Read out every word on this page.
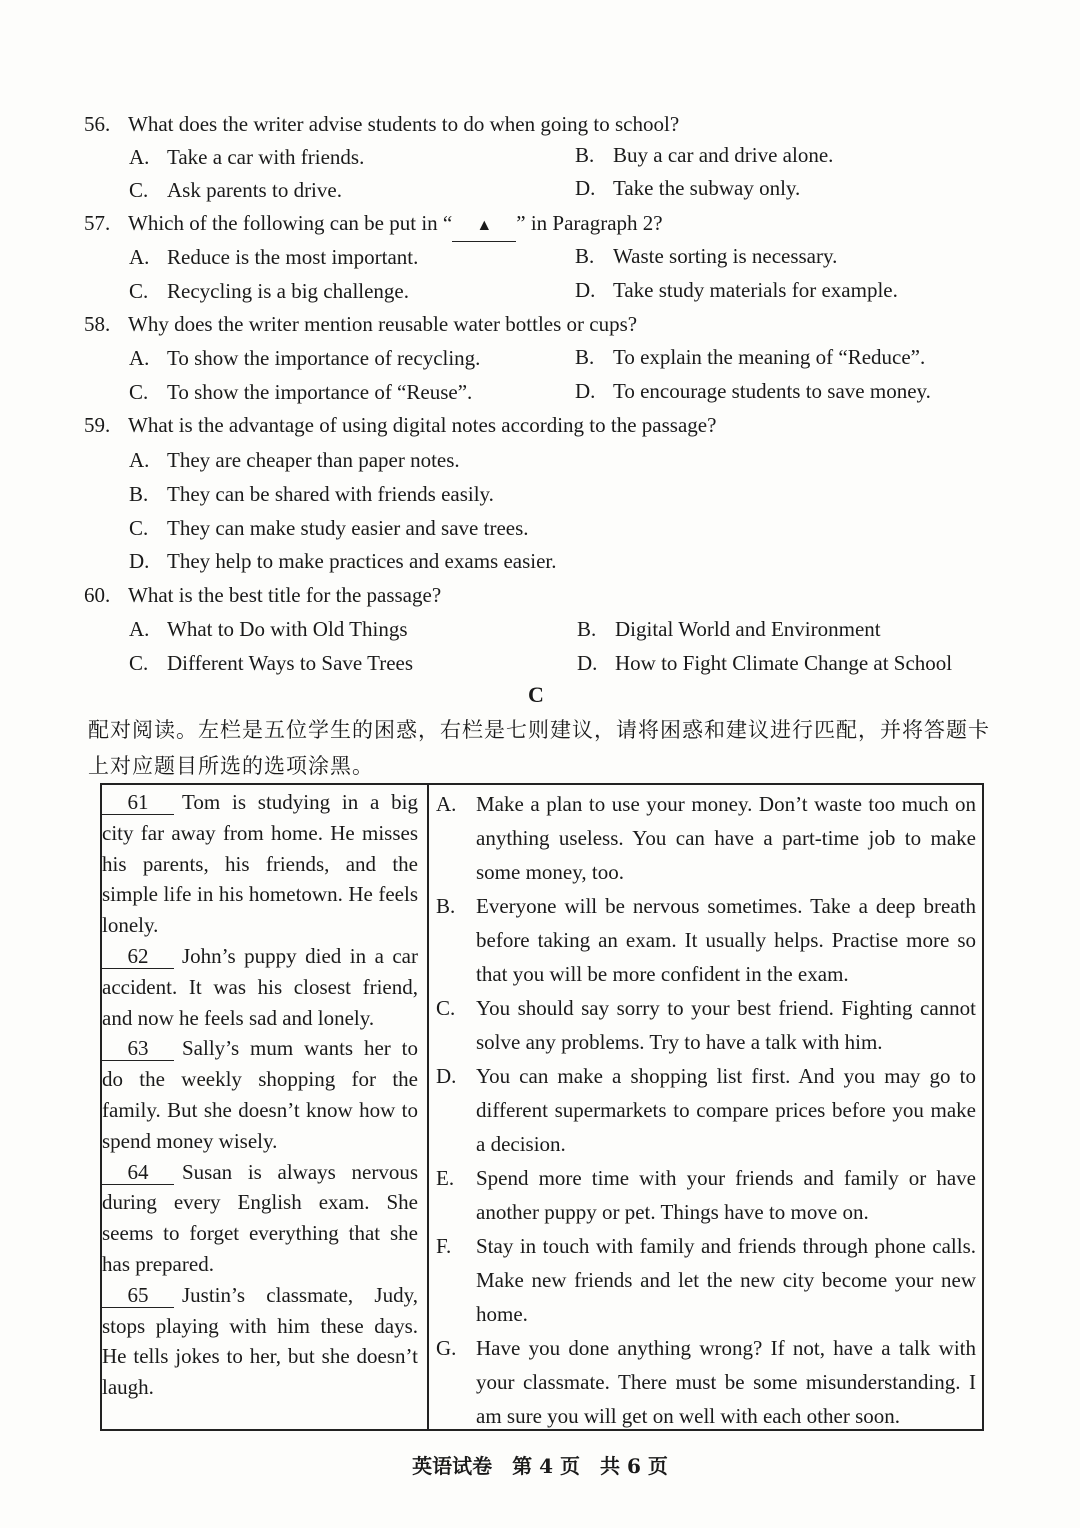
56. What does the writer advise students to do when going to school?
A. Take a car with friends.	B. Buy a car and drive alone.
C. Ask parents to drive.	D. Take the subway only.
57. Which of the following can be put in “ ▲ ” in Paragraph 2?
A. Reduce is the most important.	B. Waste sorting is necessary.
C. Recycling is a big challenge.	D. Take study materials for example.
58. Why does the writer mention reusable water bottles or cups?
A. To show the importance of recycling.	B. To explain the meaning of “Reduce”.
C. To show the importance of “Reuse”.	D. To encourage students to save money.
59. What is the advantage of using digital notes according to the passage?
A. They are cheaper than paper notes.
B. They can be shared with friends easily.
C. They can make study easier and save trees.
D. They help to make practices and exams easier.
60. What is the best title for the passage?
A. What to Do with Old Things	B. Digital World and Environment
C. Different Ways to Save Trees	D. How to Fight Climate Change at School
C
配对阅读。左栏是五位学生的困惑，右栏是七则建议，请将困惑和建议进行匹配，并将答题卡上对应题目所选的选项涂黑。

61 Tom is studying in a big city far away from home. He misses his parents, his friends, and the simple life in his hometown. He feels lonely.

62 John’s puppy died in a car accident. It was his closest friend, and now he feels sad and lonely.

63 Sally’s mum wants her to do the weekly shopping for the family. But she doesn’t know how to spend money wisely.

64 Susan is always nervous during every English exam. She seems to forget everything that she has prepared.

65 Justin’s classmate, Judy, stops playing with him these days. He tells jokes to her, but she doesn’t laugh.

A. Make a plan to use your money. Don’t waste too much on anything useless. You can have a part-time job to make some money, too.

B. Everyone will be nervous sometimes. Take a deep breath before taking an exam. It usually helps. Practise more so that you will be more confident in the exam.

C. You should say sorry to your best friend. Fighting cannot solve any problems. Try to have a talk with him.

D. You can make a shopping list first. And you may go to different supermarkets to compare prices before you make a decision.

E.	Spend more time with your friends and family or have another puppy or pet. Things have to move on.

F.	Stay in touch with family and friends through phone calls. Make new friends and let the new city become your new home.

G. Have you done anything wrong? If not, have a talk with your classmate. There must be some misunderstanding. I am sure you will get on well with each other soon.

英语试卷　第 4 页　共 6 页
